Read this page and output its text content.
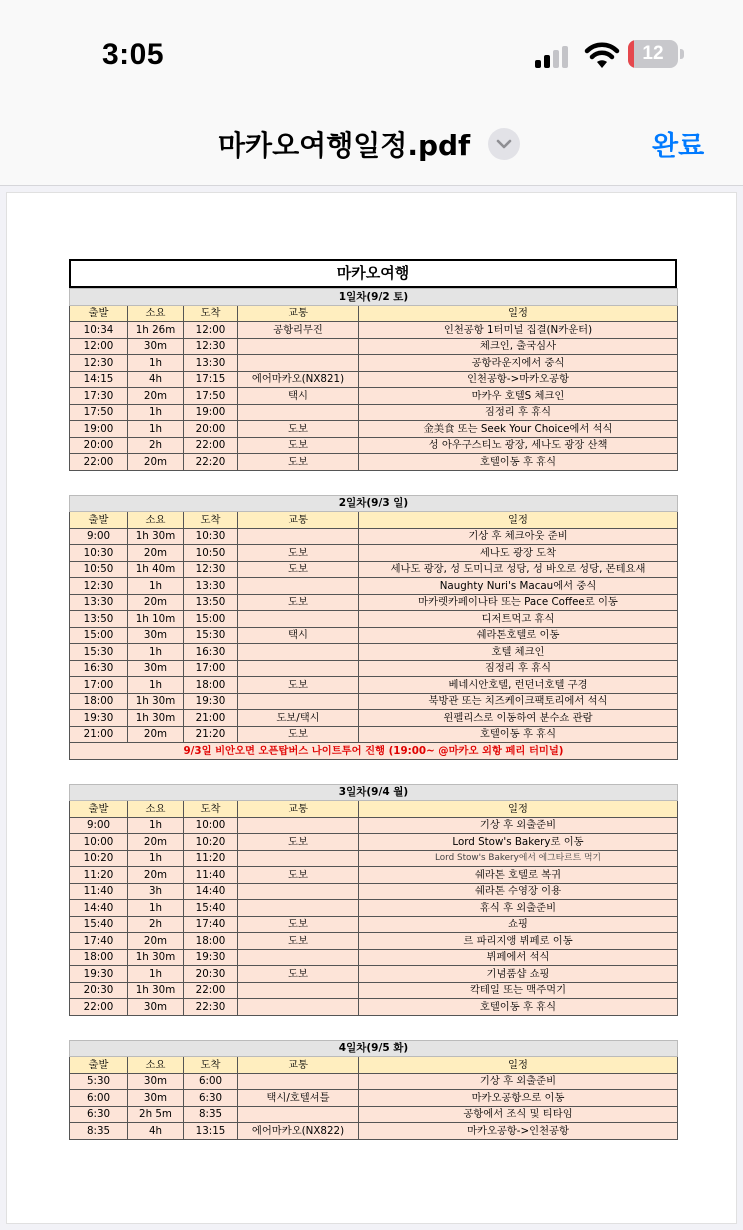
3:05	12
마카오여행일정.pdf	완료
마카오여행
1일차(9/2 토)				
출발	소요	도착	교통	일정
10:34	1h 26m	12:00	공항리무진	인천공항 1터미널 집결(N카운터)
12:00	30m	12:30		체크인, 출국심사
12:30	1h	13:30		공항라운지에서 중식
14:15	4h	17:15	에어마카오(NX821)	인천공항->마카오공항
17:30	20m	17:50	택시	마카우 호텔S 체크인
17:50	1h	19:00		짐정리 후 휴식
19:00	1h	20:00	도보	金美食 또는 Seek Your Choice에서 석식
20:00	2h	22:00	도보	성 아우구스티노 광장, 세나도 광장 산책
22:00	20m	22:20	도보	호텔이동 후 휴식
2일차(9/3 일)				
출발	소요	도착	교통	일정
9:00	1h 30m	10:30		기상 후 체크아웃 준비
10:30	20m	10:50	도보	세나도 광장 도착
10:50	1h 40m	12:30	도보	세나도 광장, 성 도미니코 성당, 성 바오로 성당, 몬테요새
12:30	1h	13:30		Naughty Nuri's Macau에서 중식
13:30	20m	13:50	도보	마카렛카페이나타 또는 Pace Coffee로 이동
13:50	1h 10m	15:00		디저트먹고 휴식
15:00	30m	15:30	택시	쉐라톤호텔로 이동
15:30	1h	16:30		호텔 체크인
16:30	30m	17:00		짐정리 후 휴식
17:00	1h	18:00	도보	베네시안호텔, 런던너호텔 구경
18:00	1h 30m	19:30		북방관 또는 치즈케이크팩토리에서 석식
19:30	1h 30m	21:00	도보/택시	윈펠리스로 이동하여 분수쇼 관람
21:00	20m	21:20	도보	호텔이동 후 휴식
9/3일 비안오면 오픈탑버스 나이트투어 진행 (19:00~ @마카오 외항 페리 터미널)				
3일차(9/4 월)				
출발	소요	도착	교통	일정
9:00	1h	10:00		기상 후 외출준비
10:00	20m	10:20	도보	Lord Stow's Bakery로 이동
10:20	1h	11:20		Lord Stow's Bakery에서 에그타르트 먹기
11:20	20m	11:40	도보	쉐라톤 호텔로 복귀
11:40	3h	14:40		쉐라톤 수영장 이용
14:40	1h	15:40		휴식 후 외출준비
15:40	2h	17:40	도보	쇼핑
17:40	20m	18:00	도보	르 파리지앵 뷔페로 이동
18:00	1h 30m	19:30		뷔페에서 석식
19:30	1h	20:30	도보	기념품샵 쇼핑
20:30	1h 30m	22:00		칵테일 또는 맥주먹기
22:00	30m	22:30		호텔이동 후 휴식
4일차(9/5 화)				
출발	소요	도착	교통	일정
5:30	30m	6:00		기상 후 외출준비
6:00	30m	6:30	택시/호텔셔틀	마카오공항으로 이동
6:30	2h 5m	8:35		공항에서 조식 및 티타임
8:35	4h	13:15	에어마카오(NX822)	마카오공항->인천공항
